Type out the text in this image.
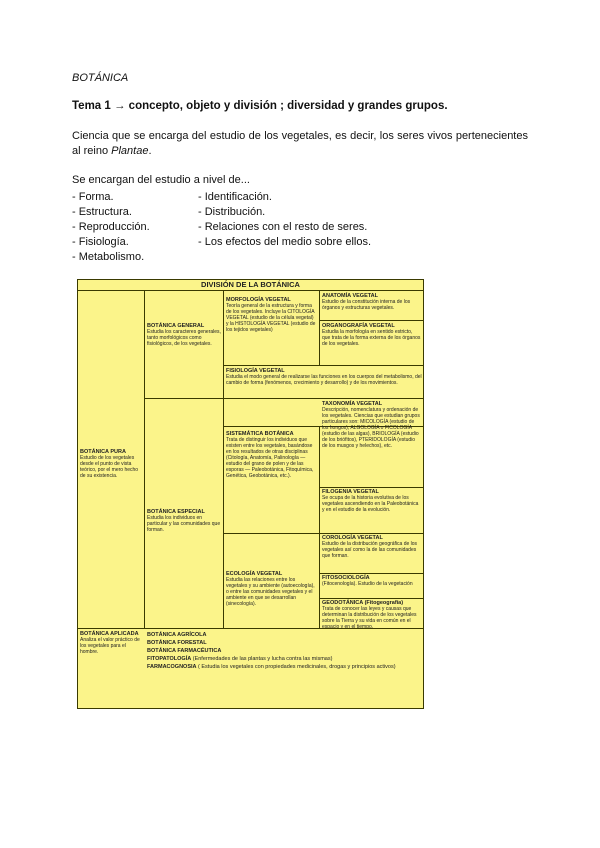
BOTÁNICA
Tema 1 → concepto, objeto y división ; diversidad y grandes grupos.
Ciencia que se encarga del estudio de los vegetales, es decir, los seres vivos pertenecientes al reino Plantae.
Se encargan del estudio a nivel de...
- Forma.	- Identificación.
- Estructura.	- Distribución.
- Reproducción.	- Relaciones con el resto de seres.
- Fisiología.	- Los efectos del medio sobre ellos.
- Metabolismo.
DIVISIÓN DE LA BOTÁNICA
BOTÁNICA PURA
Estudio de los vegetales desde el punto de vista teórico, por el mero hecho de su existencia.
BOTÁNICA APLICADA
Analiza el valor práctico de los vegetales para el hombre.
BOTÁNICA GENERAL
Estudia los caracteres generales, tanto morfológicos como fisiológicos, de los vegetales.
BOTÁNICA ESPECIAL
Estudia los individuos en particular y las comunidades que forman.
MORFOLOGÍA VEGETAL
Teoría general de la estructura y forma de los vegetales. Incluye la CITOLOGÍA VEGETAL (estudio de la célula vegetal) y la HISTOLOGÍA VEGETAL (estudio de los tejidos vegetales)
ANATOMÍA VEGETAL
Estudio de la constitución interna de los órganos y estructuras vegetales.
ORGANOGRAFÍA VEGETAL
Estudia la morfología en sentido estricto, que trata de la forma externa de los órganos de los vegetales.
FISIOLOGÍA VEGETAL
Estudia el modo general de realizarse las funciones en los cuerpos del metabolismo, del cambio de forma (fenómenos, crecimiento y desarrollo) y de los movimientos.
SISTEMÁTICA BOTÁNICA
Trata de distinguir los individuos que existen entre los vegetales, basándose en los resultados de otras disciplinas (Citología, Anatomía, Palinología — estudio del grano de polen y de las esporas — Paleobotánica, Fitoquímica, Genética, Geobotánica, etc.).
TAXONOMÍA VEGETAL
Descripción, nomenclatura y ordenación de los vegetales. Ciencias que estudian grupos particulares son: MICOLOGÍA (estudio de los hongos), ALGOLOGÍA o FICOLOGÍA (estudio de las algas), BRIOLOGÍA (estudio de los briófitos), PTERIDOLOGÍA (estudio de los musgos y helechos), etc.
FILOGENIA VEGETAL
Se ocupa de la historia evolutiva de los vegetales ascendiendo en la Paleobotánica y en el estudio de la evolución.
ECOLOGÍA VEGETAL
Estudia las relaciones entre los vegetales y su ambiente (autoecología), o entre las comunidades vegetales y el ambiente en que se desarrollan (sinecología).
COROLOGÍA VEGETAL
Estudio de la distribución geográfica de los vegetales así como la de las comunidades que forman.
FITOSOCIOLOGÍA
(Fitocenología). Estudio de la vegetación
GEODOTÁNICA (Fitogeografía)
Trata de conocer las leyes y causas que determinan la distribución de los vegetales sobre la Tierra y su vida en común en el espacio y en el tiempo.
BOTÁNICA AGRÍCOLA
BOTÁNICA FORESTAL
BOTÁNICA FARMACÉUTICA
FITOPATOLOGÍA (Enfermedades de las plantas y lucha contra las mismas)
FARMACOGNOSIA ( Estudia los vegetales con propiedades medicinales, drogas y principios activos)
